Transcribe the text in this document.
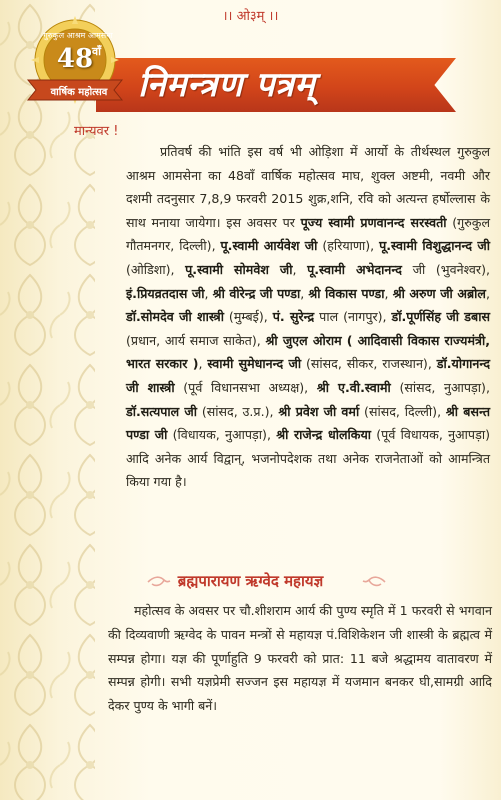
।। ओ३म् ।।
निमन्त्रण पत्रम्
गुरुकुल आश्रम आमसेना
48
वाँ
वार्षिक महोत्सव
मान्यवर !

प्रतिवर्ष की भांति इस वर्ष भी ओड़िशा में आर्यो के तीर्थस्थल गुरुकुल आश्रम आमसेना का 48वाँ वार्षिक महोत्सव माघ, शुक्ल अष्टमी, नवमी और दशमी तदनुसार 7,8,9 फरवरी 2015 शुक्र,शनि, रवि को अत्यन्त हर्षोल्लास के साथ मनाया जायेगा। इस अवसर पर पूज्य स्वामी प्रणवानन्द सरस्वती (गुरुकुल गौतमनगर, दिल्ली), पू.स्वामी आर्यवेश जी (हरियाणा), पू.स्वामी विशुद्धानन्द जी (ओडिशा), पू.स्वामी सोमवेश जी, पू.स्वामी अभेदानन्द जी (भुवनेश्वर), इं.प्रियव्रतदास जी, श्री वीरेन्द्र जी पण्डा, श्री विकास पण्डा, श्री अरुण जी अब्रोल, डॉ.सोमदेव जी शास्त्री (मुम्बई), पं. सुरेन्द्र पाल (नागपुर), डॉ.पूर्णसिंह जी डबास (प्रधान, आर्य समाज साकेत), श्री जुएल ओराम ( आदिवासी विकास राज्यमंत्री, भारत सरकार ), स्वामी सुमेधानन्द जी (सांसद, सीकर, राजस्थान), डॉ.योगानन्द जी शास्त्री (पूर्व विधानसभा अध्यक्ष), श्री ए.वी.स्वामी (सांसद, नुआपड़ा), डॉ.सत्यपाल जी (सांसद, उ.प्र.), श्री प्रवेश जी वर्मा (सांसद, दिल्ली), श्री बसन्त पण्डा जी (विधायक, नुआपड़ा), श्री राजेन्द्र धोलकिया (पूर्व विधायक, नुआपड़ा) आदि अनेक आर्य विद्वान्, भजनोपदेशक तथा अनेक राजनेताओं को आमन्त्रित किया गया है।

ब्रह्मपारायण ऋग्वेद महायज्ञ

महोत्सव के अवसर पर चौ.शीशराम आर्य की पुण्य स्मृति में 1 फरवरी से भगवान की दिव्यवाणी ऋग्वेद के पावन मन्त्रों से महायज्ञ पं.विशिकेशन जी शास्त्री के ब्रह्मत्व में सम्पन्न होगा। यज्ञ की पूर्णाहुति 9 फरवरी को प्रात: 11 बजे श्रद्धामय वातावरण में सम्पन्न होगी। सभी यज्ञप्रेमी सज्जन इस महायज्ञ में यजमान बनकर घी,सामग्री आदि देकर पुण्य के भागी बनें।
